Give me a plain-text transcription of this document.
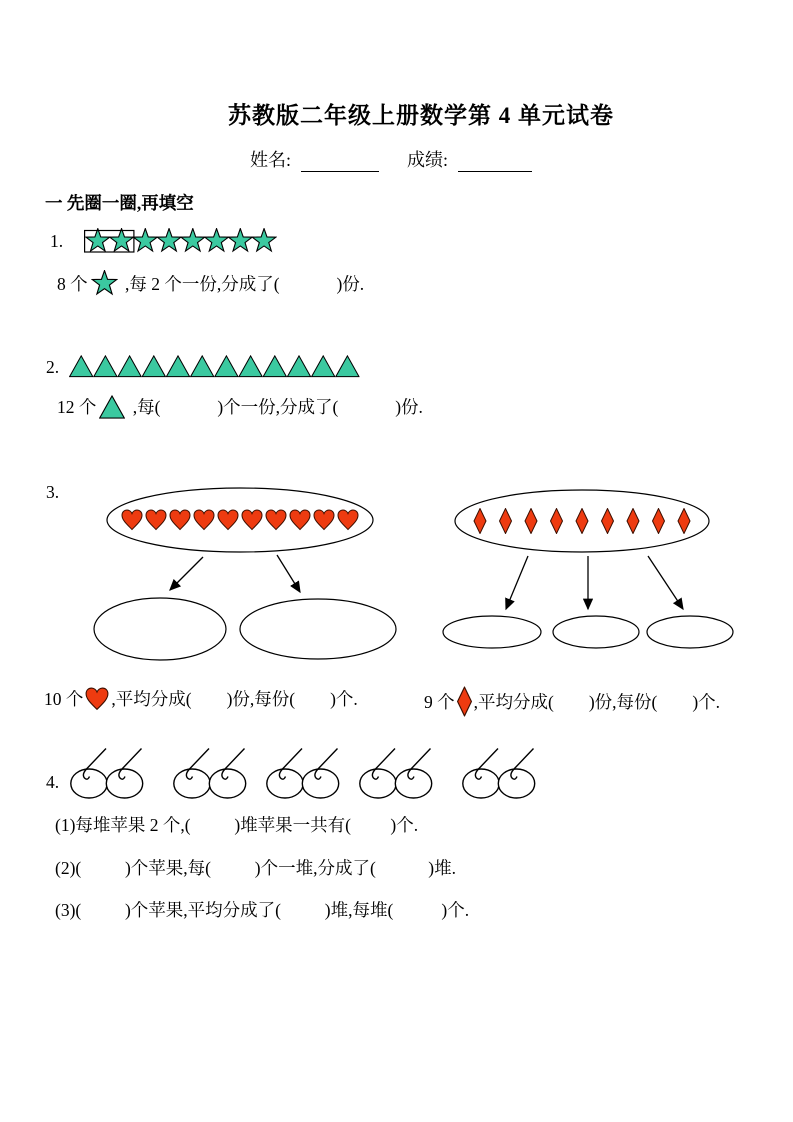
苏教版二年级上册数学第 4 单元试卷
姓名:	成绩:
一 先圈一圈,再填空
1.
8 个 ,每 2 个一份,分成了(             )份.
2.
12 个 ,每(             )个一份,分成了(             )份.
3.
10 个 ,平均分成(        )份,每份(        )个.	9 个 ,平均分成(        )份,每份(        )个.
4.
(1)每堆苹果 2 个,(          )堆苹果一共有(         )个.
(2)(          )个苹果,每(          )个一堆,分成了(            )堆.
(3)(          )个苹果,平均分成了(          )堆,每堆(           )个.
